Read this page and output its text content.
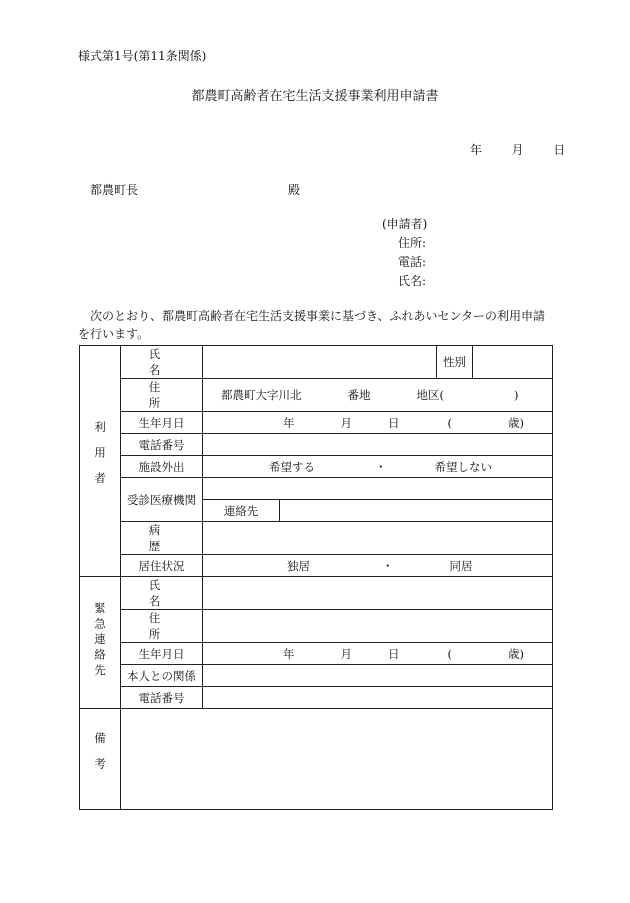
様式第1号(第11条関係)
都農町高齢者在宅生活支援事業利用申請書
年 月 日
都農町長	殿
(申請者)
住所:
電話:
氏名:
次のとおり、都農町高齢者在宅生活支援事業に基づき、ふれあいセンターの利用申請を行います。
利用者	氏　名			性別	
	住　所	都農町大字川北 番地 地区( )			

	生年月日	年 月 日 ( 歳)			

	電話番号				
	施設外出	希望する ・ 希望しない			

	受診医療機関				
		連絡先			
	病　歴				
	居住状況	独居 ・ 同居			

緊急連絡先	氏　名				
	住　所				
	生年月日	年 月 日 ( 歳)			

	本人との関係				
	電話番号				
備考					
